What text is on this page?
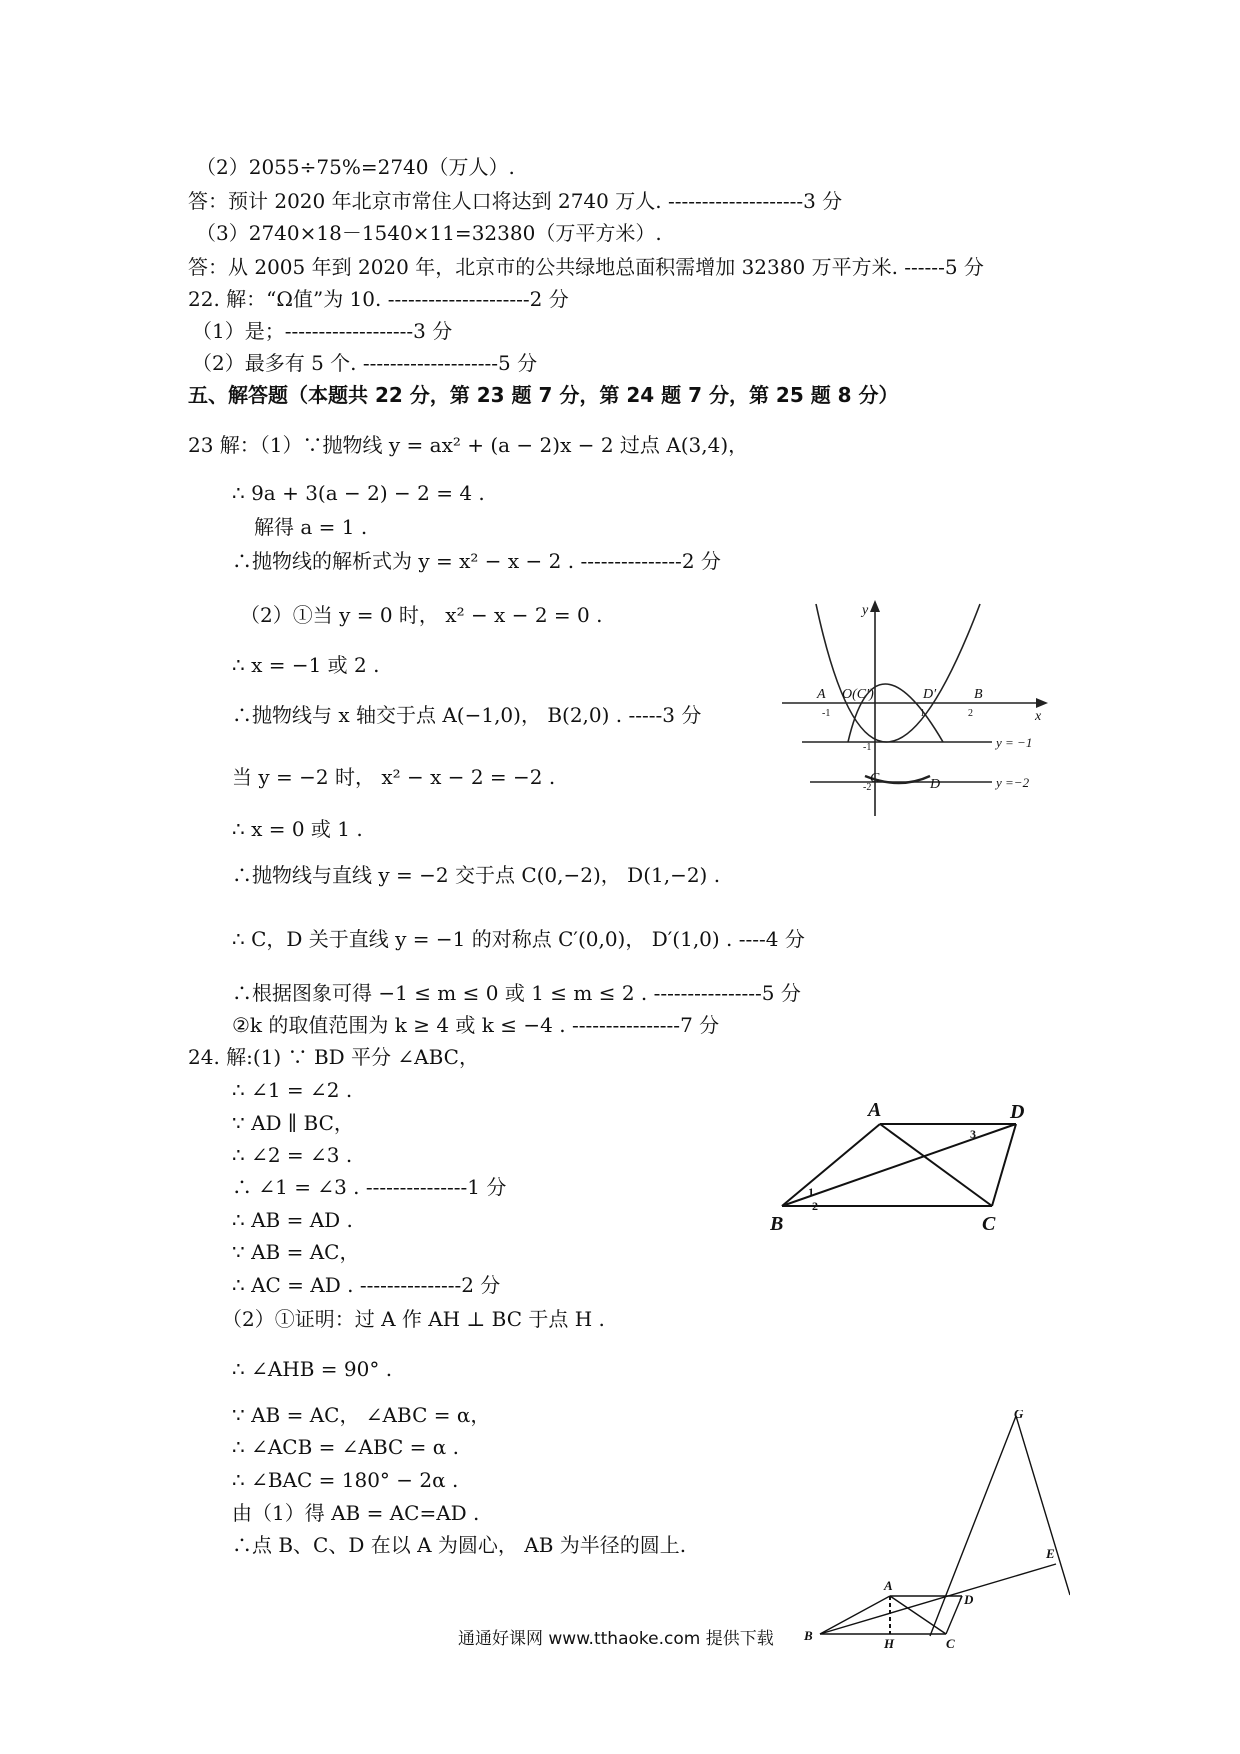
（2）2055÷75%=2740（万人）.
答：预计 2020 年北京市常住人口将达到 2740 万人. --------------------3 分
（3）2740×18－1540×11=32380（万平方米）.
答：从 2005 年到 2020 年，北京市的公共绿地总面积需增加 32380 万平方米. ------5 分
22. 解：“Ω值”为 10. ---------------------2 分
（1）是；-------------------3 分
（2）最多有 5 个. --------------------5 分
五、解答题（本题共 22 分，第 23 题 7 分，第 24 题 7 分，第 25 题 8 分）
23 解：（1）∵抛物线 y = ax² + (a − 2)x − 2 过点 A(3,4)，
∴ 9a + 3(a − 2) − 2 = 4 .
解得 a = 1 .
∴抛物线的解析式为 y = x² − x − 2 . ---------------2 分
（2）①当 y = 0 时， x² − x − 2 = 0 .
∴ x = −1 或 2 .
∴抛物线与 x 轴交于点 A(−1,0)， B(2,0) . -----3 分
当 y = −2 时， x² − x − 2 = −2 .
∴ x = 0 或 1 .
∴抛物线与直线 y = −2 交于点 C(0,−2)， D(1,−2) .
∴ C，D 关于直线 y = −1 的对称点 C′(0,0)， D′(1,0) . ----4 分
∴根据图象可得 −1 ≤ m ≤ 0 或 1 ≤ m ≤ 2 . ----------------5 分
②k 的取值范围为 k ≥ 4 或 k ≤ −4 . ----------------7 分
24. 解:(1) ∵ BD 平分 ∠ABC，
∴ ∠1 = ∠2 .
∵ AD ∥ BC，
∴ ∠2 = ∠3 .
∴ ∠1 = ∠3 . ---------------1 分
∴ AB = AD .
∵ AB = AC，
∴ AC = AD . ---------------2 分
（2）①证明：过 A 作 AH ⊥ BC 于点 H .
∴ ∠AHB = 90° .
∵ AB = AC， ∠ABC = α，
∴ ∠ACB = ∠ABC = α .
∴ ∠BAC = 180° − 2α .
由（1）得 AB = AC=AD .
∴点 B、C、D 在以 A 为圆心， AB 为半径的圆上.
y
x
A O(C′)	D′	B
C	D
y = −1
y =−2
-1	1	2
-1
-2
A	D
B	C
1
2
3
G
E
A
D
B
H	C
通通好课网 www.tthaoke.com 提供下载
